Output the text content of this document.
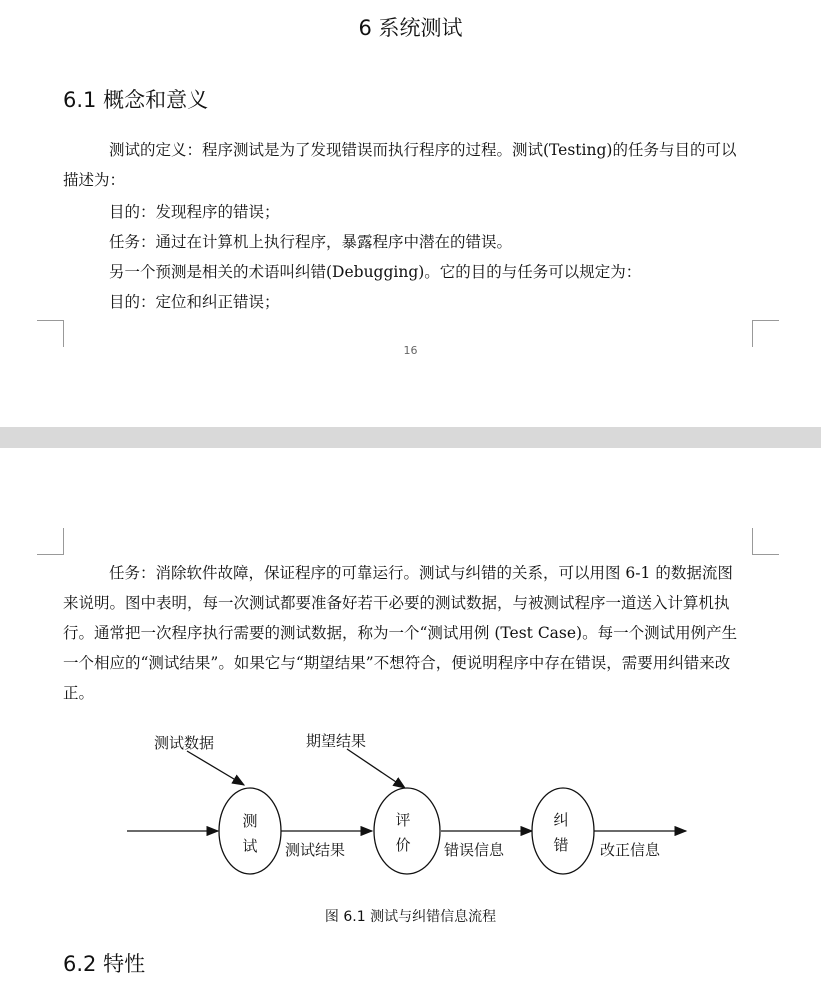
6 系统测试
6.1 概念和意义

测试的定义：程序测试是为了发现错误而执行程序的过程。测试(Testing)的任务与目的可以描述为：

目的：发现程序的错误；
任务：通过在计算机上执行程序，暴露程序中潜在的错误。
另一个预测是相关的术语叫纠错(Debugging)。它的目的与任务可以规定为：
目的：定位和纠正错误；
16

任务：消除软件故障，保证程序的可靠运行。测试与纠错的关系，可以用图 6-1 的数据流图来说明。图中表明，每一次测试都要准备好若干必要的测试数据，与被测试程序一道送入计算机执行。通常把一次程序执行需要的测试数据，称为一个“测试用例 (Test Case)。每一个测试用例产生一个相应的“测试结果”。如果它与“期望结果”不想符合，便说明程序中存在错误，需要用纠错来改正。

测试数据	期望结果
测
试
评
价
纠
错
测试结果	错误信息	改正信息
图 6.1 测试与纠错信息流程
6.2 特性
